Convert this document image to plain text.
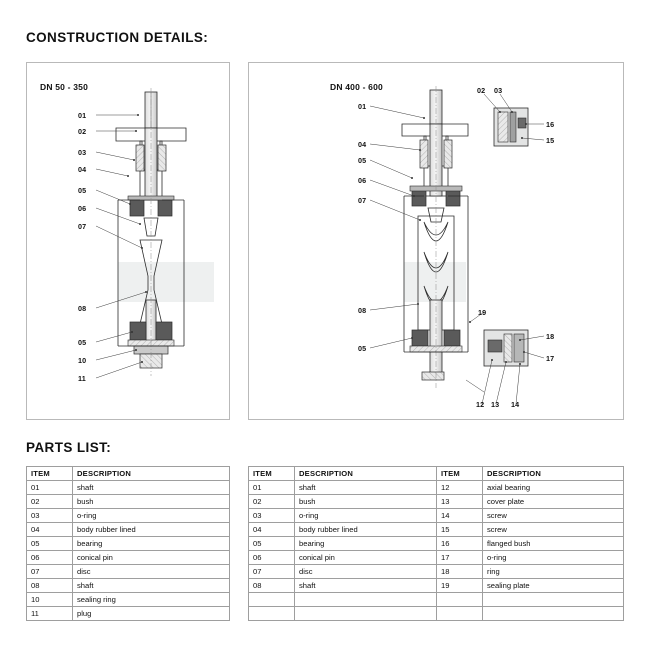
CONSTRUCTION DETAILS:
PARTS LIST:
DN 50 - 350	DN 400 - 600
01
02
03
04
05
06
07
08
05
10
11
01
02 03
04
05
06
07
08
05
16
15
19
18
17
12 13 14
ITEM	DESCRIPTION
01	shaft
02	bush
03	o-ring
04	body rubber lined
05	bearing
06	conical pin
07	disc
08	shaft
10	sealing ring
11	plug
ITEM	DESCRIPTION	ITEM	DESCRIPTION
01	shaft	12	axial bearing
02	bush	13	cover plate
03	o-ring	14	screw
04	body rubber lined	15	screw
05	bearing	16	flanged bush
06	conical pin	17	o-ring
07	disc	18	ring
08	shaft	19	sealing plate
